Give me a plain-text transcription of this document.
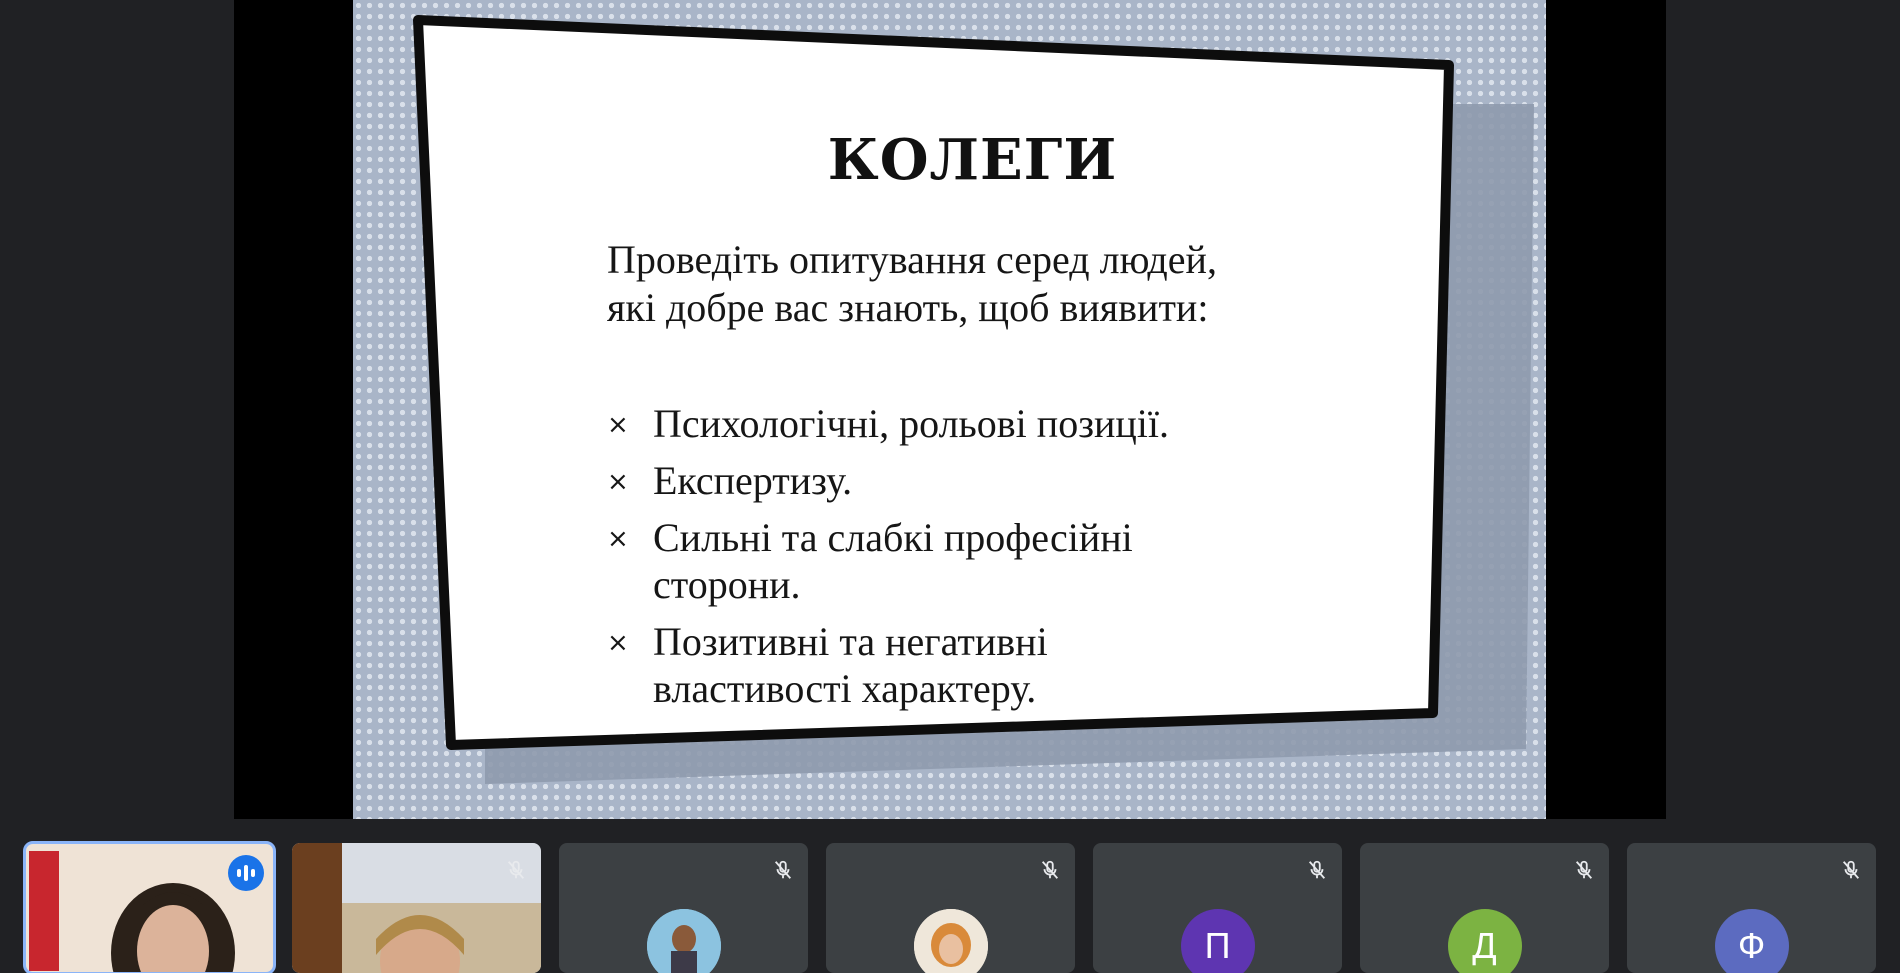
КОЛЕГИ

Проведіть опитування серед людей,
які добре вас знають, щоб виявити:

× Психологічні, рольові позиції.
× Експертизу.
× Сильні та слабкі професійні
сторони.
× Позитивні та негативні
властивості характеру.
П	Д	Ф
